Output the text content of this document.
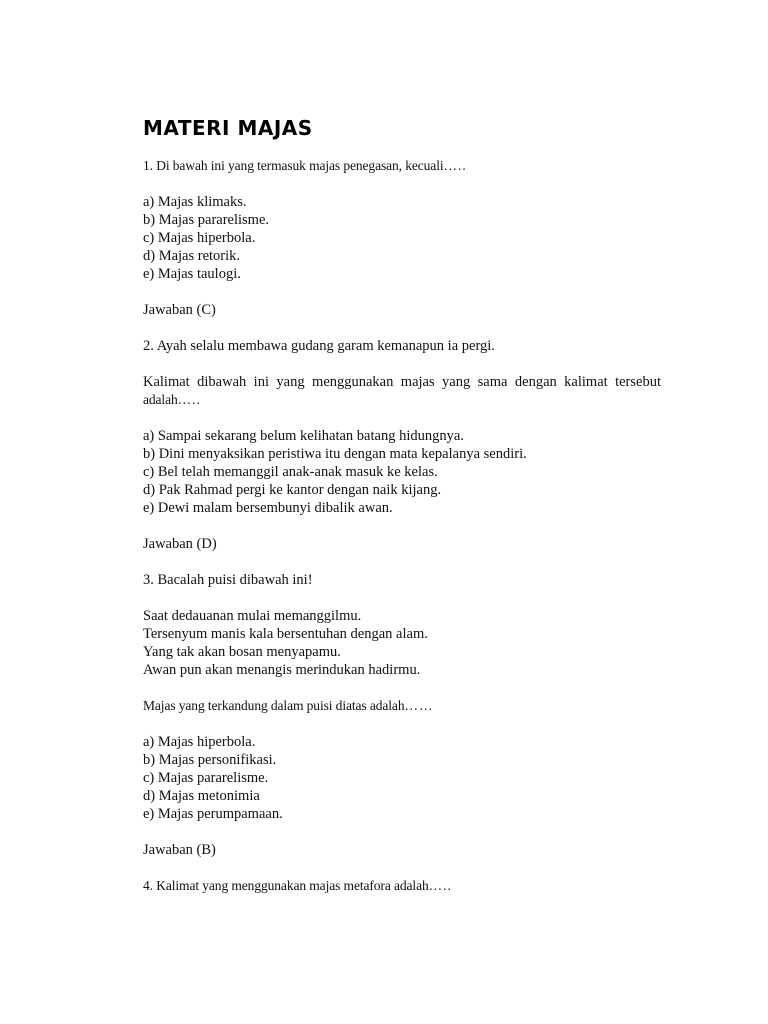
MATERI MAJAS
1. Di bawah ini yang termasuk majas penegasan, kecuali…..
a) Majas klimaks.
b) Majas pararelisme.
c) Majas hiperbola.
d) Majas retorik.
e) Majas taulogi.
Jawaban (C)
2. Ayah selalu membawa gudang garam kemanapun ia pergi.
Kalimat dibawah ini yang menggunakan majas yang sama dengan kalimat tersebut
adalah…..
a) Sampai sekarang belum kelihatan batang hidungnya.
b) Dini menyaksikan peristiwa itu dengan mata kepalanya sendiri.
c) Bel telah memanggil anak-anak masuk ke kelas.
d) Pak Rahmad pergi ke kantor dengan naik kijang.
e) Dewi malam bersembunyi dibalik awan.
Jawaban (D)
3. Bacalah puisi dibawah ini!
Saat dedauanan mulai memanggilmu.
Tersenyum manis kala bersentuhan dengan alam.
Yang tak akan bosan menyapamu.
Awan pun akan menangis merindukan hadirmu.
Majas yang terkandung dalam puisi diatas adalah……
a) Majas hiperbola.
b) Majas personifikasi.
c) Majas pararelisme.
d) Majas metonimia
e) Majas perumpamaan.
Jawaban (B)
4. Kalimat yang menggunakan majas metafora adalah…..
